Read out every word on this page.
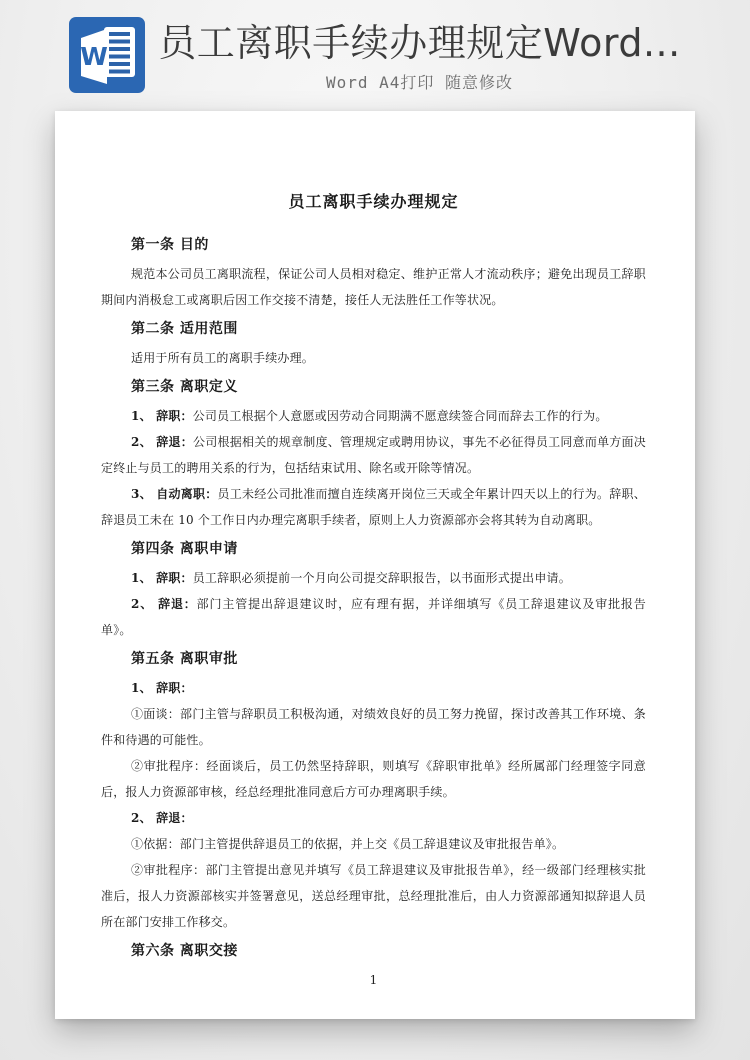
W 员工离职手续办理规定Word...
Word A4打印 随意修改
员工离职手续办理规定
第一条 目的

规范本公司员工离职流程，保证公司人员相对稳定、维护正常人才流动秩序；避免出现员工辞职期间内消极怠工或离职后因工作交接不清楚，接任人无法胜任工作等状况。

第二条 适用范围

适用于所有员工的离职手续办理。

第三条 离职定义

1、 辞职：公司员工根据个人意愿或因劳动合同期满不愿意续签合同而辞去工作的行为。

2、 辞退：公司根据相关的规章制度、管理规定或聘用协议，事先不必征得员工同意而单方面决定终止与员工的聘用关系的行为，包括结束试用、除名或开除等情况。

3、 自动离职：员工未经公司批准而擅自连续离开岗位三天或全年累计四天以上的行为。辞职、辞退员工未在 10 个工作日内办理完离职手续者，原则上人力资源部亦会将其转为自动离职。

第四条 离职申请

1、 辞职：员工辞职必须提前一个月向公司提交辞职报告，以书面形式提出申请。

2、 辞退：部门主管提出辞退建议时，应有理有据，并详细填写《员工辞退建议及审批报告单》。

第五条 离职审批

1、 辞职：

①面谈：部门主管与辞职员工积极沟通，对绩效良好的员工努力挽留，探讨改善其工作环境、条件和待遇的可能性。

②审批程序：经面谈后，员工仍然坚持辞职，则填写《辞职审批单》经所属部门经理签字同意后，报人力资源部审核，经总经理批准同意后方可办理离职手续。

2、 辞退：

①依据：部门主管提供辞退员工的依据，并上交《员工辞退建议及审批报告单》。

②审批程序：部门主管提出意见并填写《员工辞退建议及审批报告单》，经一级部门经理核实批准后，报人力资源部核实并签署意见，送总经理审批，总经理批准后，由人力资源部通知拟辞退人员所在部门安排工作移交。

第六条 离职交接
1
